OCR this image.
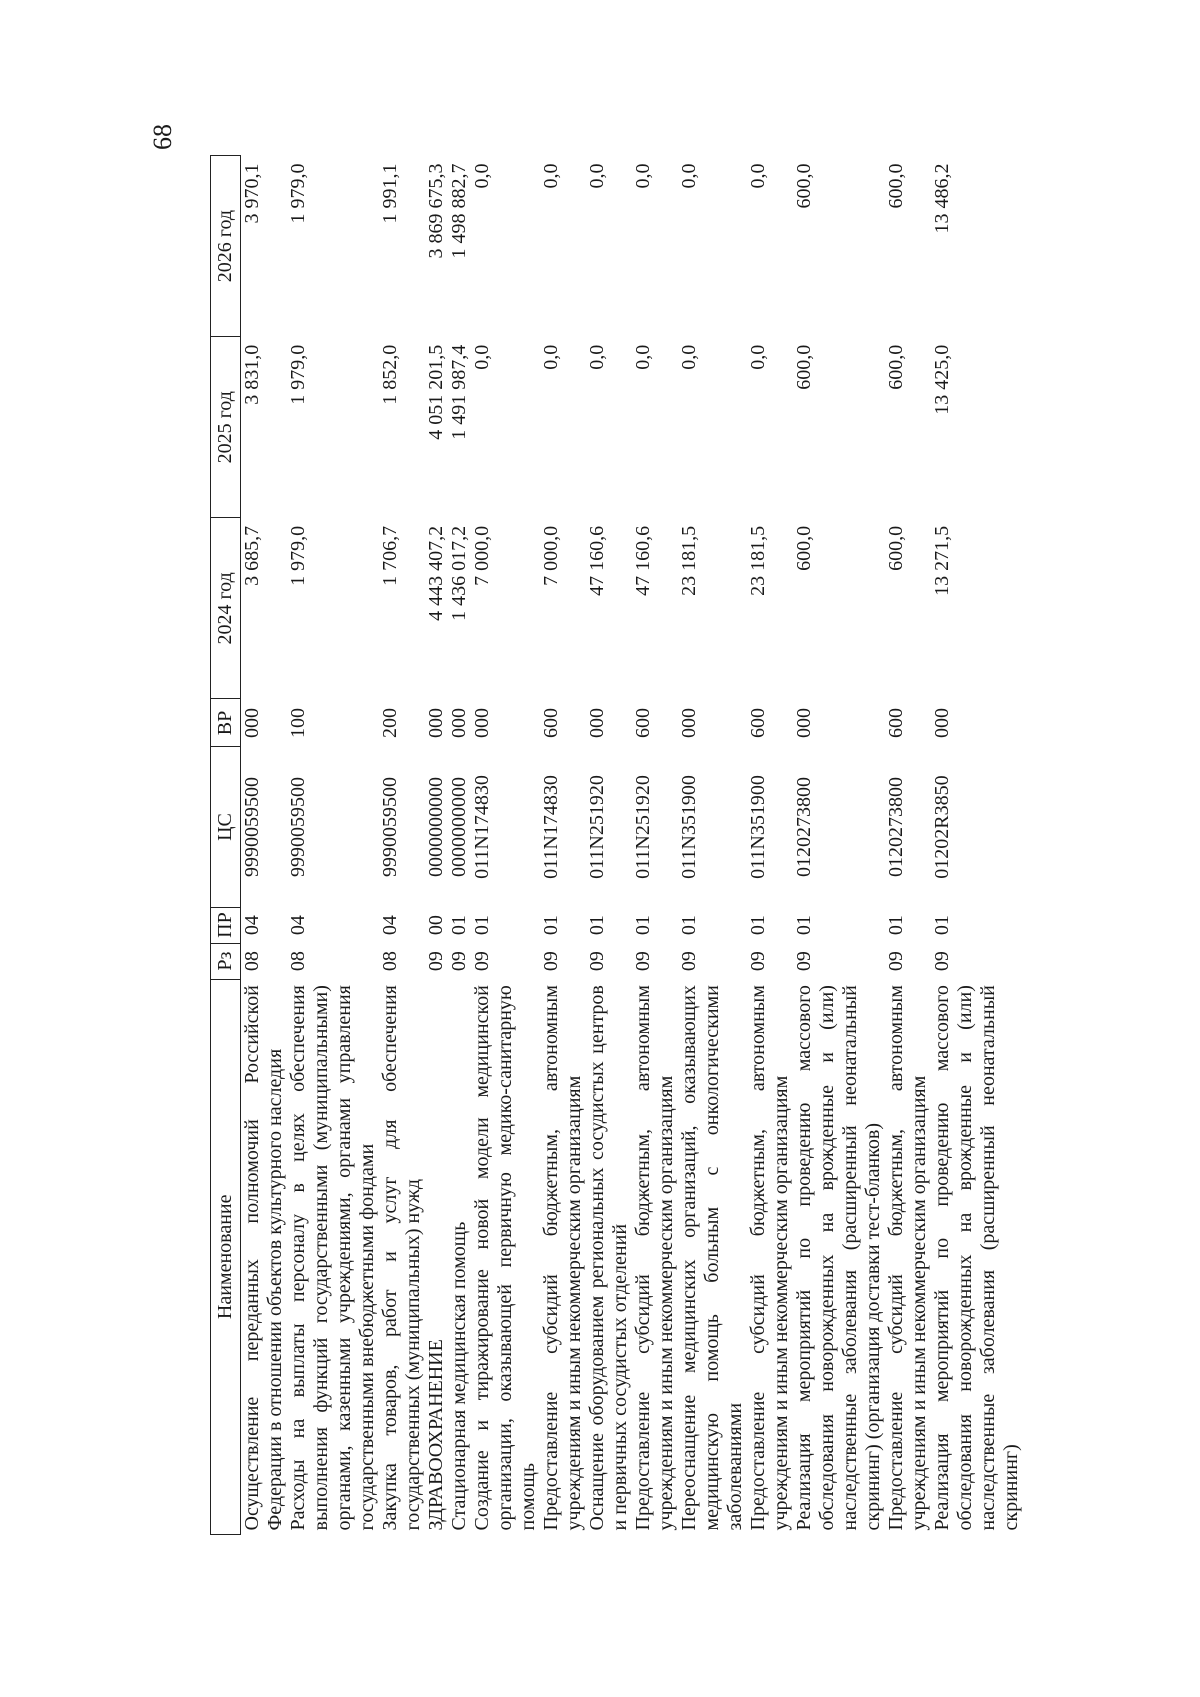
68
Наименование	Рз	ПР	ЦС	ВР	2024 год	2025 год	2026 год
Осуществление переданных полномочий Российской Федерации в отношении объектов культурного наследия	08	04	9990059500	000	3 685,7	3 831,0	3 970,1
Расходы на выплаты персоналу в целях обеспечения выполнения функций государственными (муниципальными) органами, казенными учреждениями, органами управления государственными внебюджетными фондами	08	04	9990059500	100	1 979,0	1 979,0	1 979,0
Закупка товаров, работ и услуг для обеспечения государственных (муниципальных) нужд	08	04	9990059500	200	1 706,7	1 852,0	1 991,1
ЗДРАВООХРАНЕНИЕ	09	00	0000000000	000	4 443 407,2	4 051 201,5	3 869 675,3
Стационарная медицинская помощь	09	01	0000000000	000	1 436 017,2	1 491 987,4	1 498 882,7
Создание и тиражирование новой модели медицинской организации, оказывающей первичную медико-санитарную помощь	09	01	011N174830	000	7 000,0	0,0	0,0
Предоставление субсидий бюджетным, автономным учреждениям и иным некоммерческим организациям	09	01	011N174830	600	7 000,0	0,0	0,0
Оснащение оборудованием региональных сосудистых центров и первичных сосудистых отделений	09	01	011N251920	000	47 160,6	0,0	0,0
Предоставление субсидий бюджетным, автономным учреждениям и иным некоммерческим организациям	09	01	011N251920	600	47 160,6	0,0	0,0
Переоснащение медицинских организаций, оказывающих медицинскую помощь больным с онкологическими заболеваниями	09	01	011N351900	000	23 181,5	0,0	0,0
Предоставление субсидий бюджетным, автономным учреждениям и иным некоммерческим организациям	09	01	011N351900	600	23 181,5	0,0	0,0
Реализация мероприятий по проведению массового обследования новорожденных на врожденные и (или) наследственные заболевания (расширенный неонатальный скрининг) (организация доставки тест-бланков)	09	01	0120273800	000	600,0	600,0	600,0
Предоставление субсидий бюджетным, автономным учреждениям и иным некоммерческим организациям	09	01	0120273800	600	600,0	600,0	600,0
Реализация мероприятий по проведению массового обследования новорожденных на врожденные и (или) наследственные заболевания (расширенный неонатальный скрининг)	09	01	01202R3850	000	13 271,5	13 425,0	13 486,2
